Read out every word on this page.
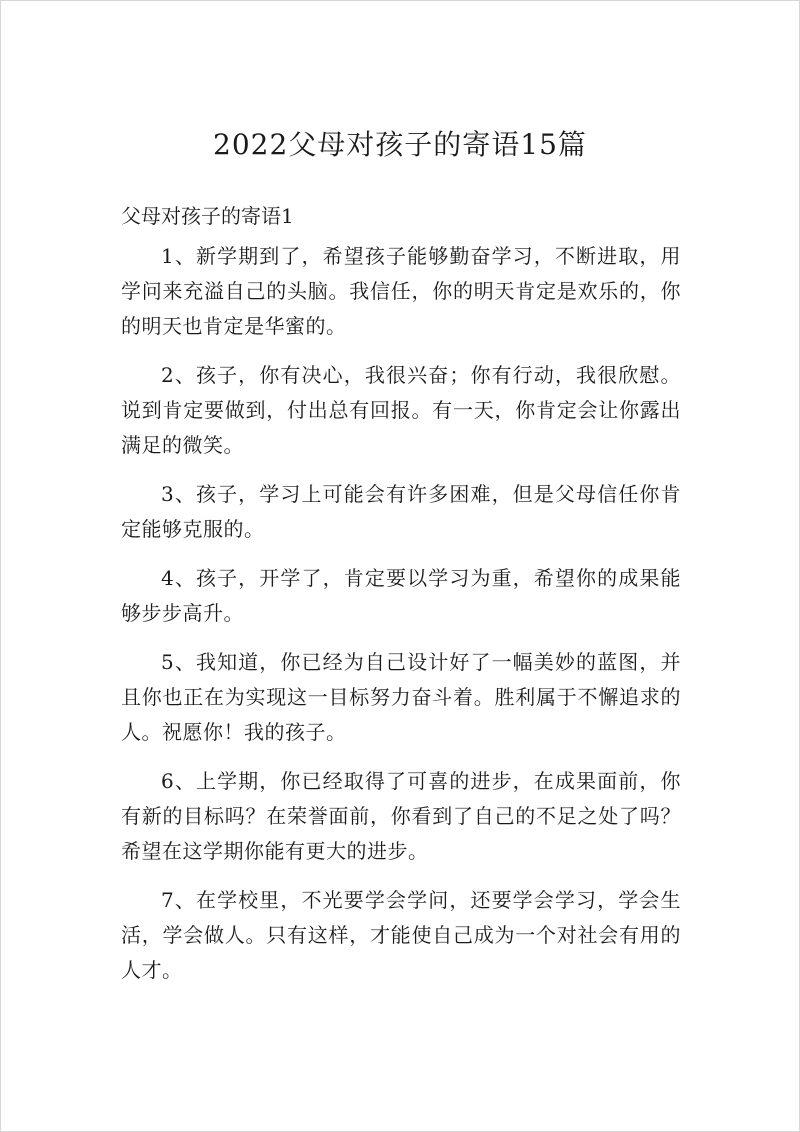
2022父母对孩子的寄语15篇
父母对孩子的寄语1

1、新学期到了，希望孩子能够勤奋学习，不断进取，用学问来充溢自己的头脑。我信任，你的明天肯定是欢乐的，你的明天也肯定是华蜜的。

2、孩子，你有决心，我很兴奋；你有行动，我很欣慰。说到肯定要做到，付出总有回报。有一天，你肯定会让你露出满足的微笑。

3、孩子，学习上可能会有许多困难，但是父母信任你肯定能够克服的。

4、孩子，开学了，肯定要以学习为重，希望你的成果能够步步高升。

5、我知道，你已经为自己设计好了一幅美妙的蓝图，并且你也正在为实现这一目标努力奋斗着。胜利属于不懈追求的人。祝愿你！我的孩子。

6、上学期，你已经取得了可喜的进步，在成果面前，你有新的目标吗？在荣誉面前，你看到了自己的不足之处了吗？希望在这学期你能有更大的进步。

7、在学校里，不光要学会学问，还要学会学习，学会生活，学会做人。只有这样，才能使自己成为一个对社会有用的人才。
